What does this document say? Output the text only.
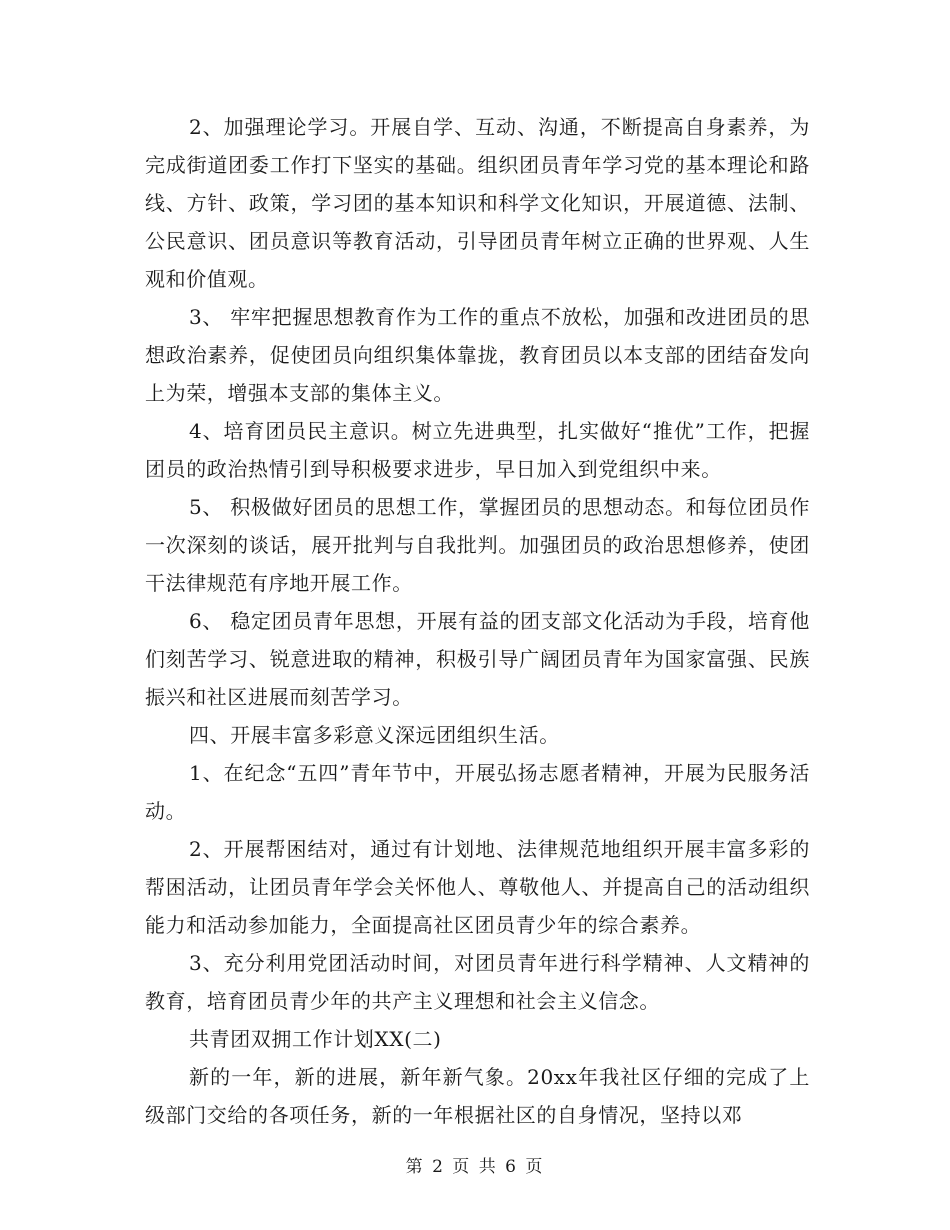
2、加强理论学习。开展自学、互动、沟通，不断提高自身素养，为完成街道团委工作打下坚实的基础。组织团员青年学习党的基本理论和路线、方针、政策，学习团的基本知识和科学文化知识，开展道德、法制、公民意识、团员意识等教育活动，引导团员青年树立正确的世界观、人生观和价值观。

3、 牢牢把握思想教育作为工作的重点不放松，加强和改进团员的思想政治素养，促使团员向组织集体靠拢，教育团员以本支部的团结奋发向上为荣，增强本支部的集体主义。

4、培育团员民主意识。树立先进典型，扎实做好“推优”工作，把握团员的政治热情引到导积极要求进步，早日加入到党组织中来。

5、 积极做好团员的思想工作，掌握团员的思想动态。和每位团员作一次深刻的谈话，展开批判与自我批判。加强团员的政治思想修养，使团干法律规范有序地开展工作。

6、 稳定团员青年思想，开展有益的团支部文化活动为手段，培育他们刻苦学习、锐意进取的精神，积极引导广阔团员青年为国家富强、民族振兴和社区进展而刻苦学习。

四、开展丰富多彩意义深远团组织生活。

1、在纪念“五四”青年节中，开展弘扬志愿者精神，开展为民服务活动。

2、开展帮困结对，通过有计划地、法律规范地组织开展丰富多彩的帮困活动，让团员青年学会关怀他人、尊敬他人、并提高自己的活动组织能力和活动参加能力，全面提高社区团员青少年的综合素养。

3、充分利用党团活动时间，对团员青年进行科学精神、人文精神的教育，培育团员青少年的共产主义理想和社会主义信念。

共青团双拥工作计划XX(二)

新的一年，新的进展，新年新气象。20xx年我社区仔细的完成了上级部门交给的各项任务，新的一年根据社区的自身情况，坚持以邓

第 2 页 共 6 页
